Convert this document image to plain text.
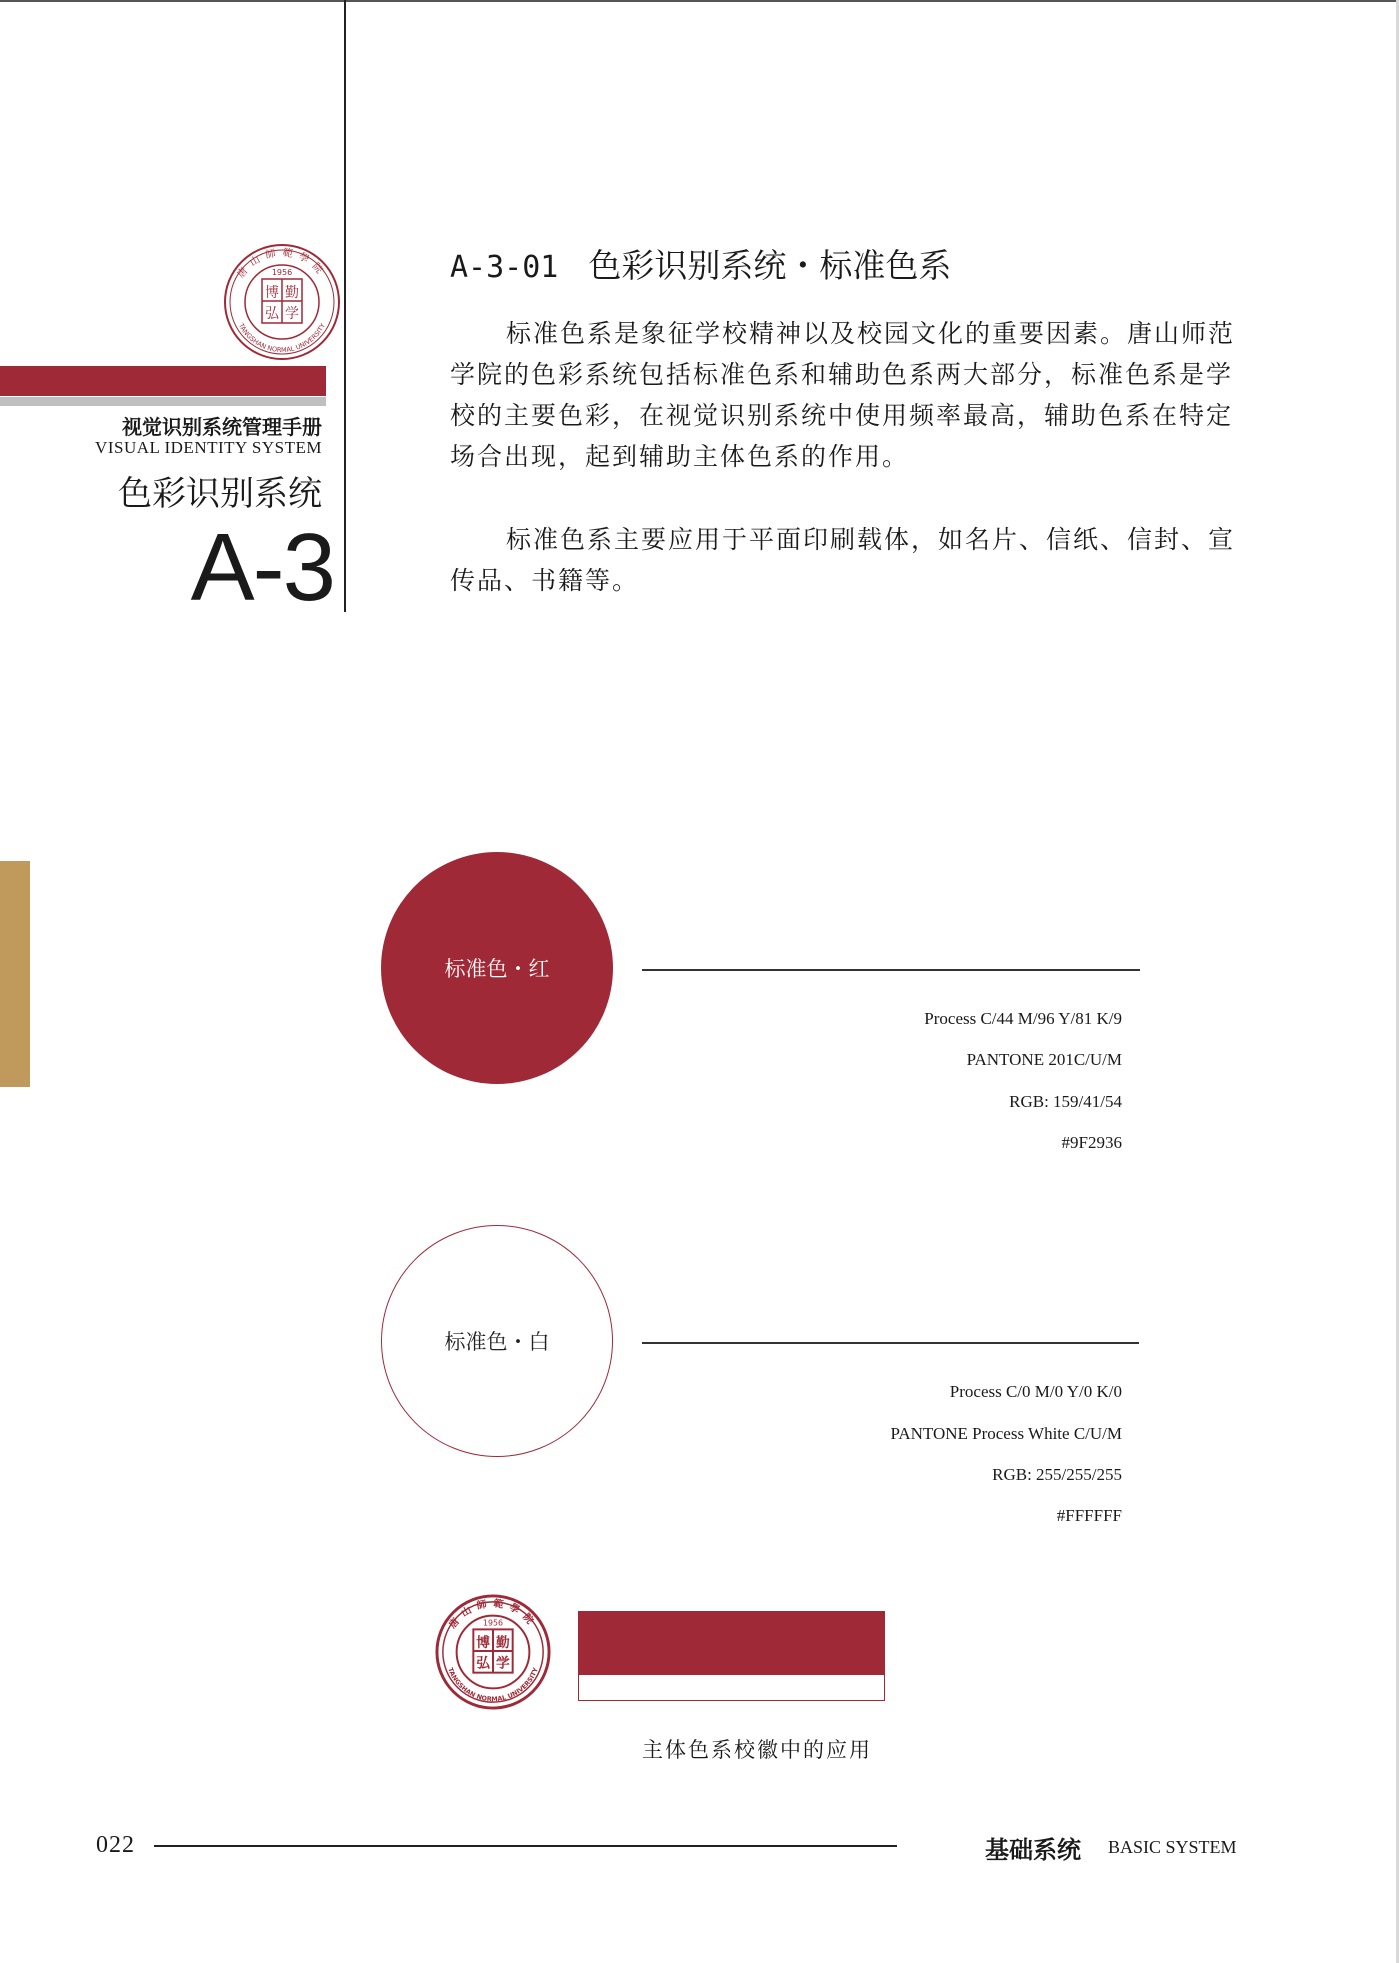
1956
博 勤
弘 学
唐山師範學院
TANGSHAN NORMAL UNIVERSITY
视觉识别系统管理手册
VISUAL IDENTITY SYSTEM
色彩识别系统
A-3
A-3-01 色彩识别系统・标准色系

标准色系是象征学校精神以及校园文化的重要因素。唐山师范学院的色彩系统包括标准色系和辅助色系两大部分，标准色系是学校的主要色彩，在视觉识别系统中使用频率最高，辅助色系在特定场合出现，起到辅助主体色系的作用。

标准色系主要应用于平面印刷载体，如名片、信纸、信封、宣传品、书籍等。

标准色・红
Process C/44 M/96 Y/81 K/9
PANTONE 201C/U/M
RGB: 159/41/54
#9F2936
标准色・白
Process C/0 M/0 Y/0 K/0
PANTONE Process White C/U/M
RGB: 255/255/255
#FFFFFF
1956
博 勤
弘 学
唐山師範學院
TANGSHAN NORMAL UNIVERSITY
主体色系校徽中的应用
022	基础系统 BASIC SYSTEM
